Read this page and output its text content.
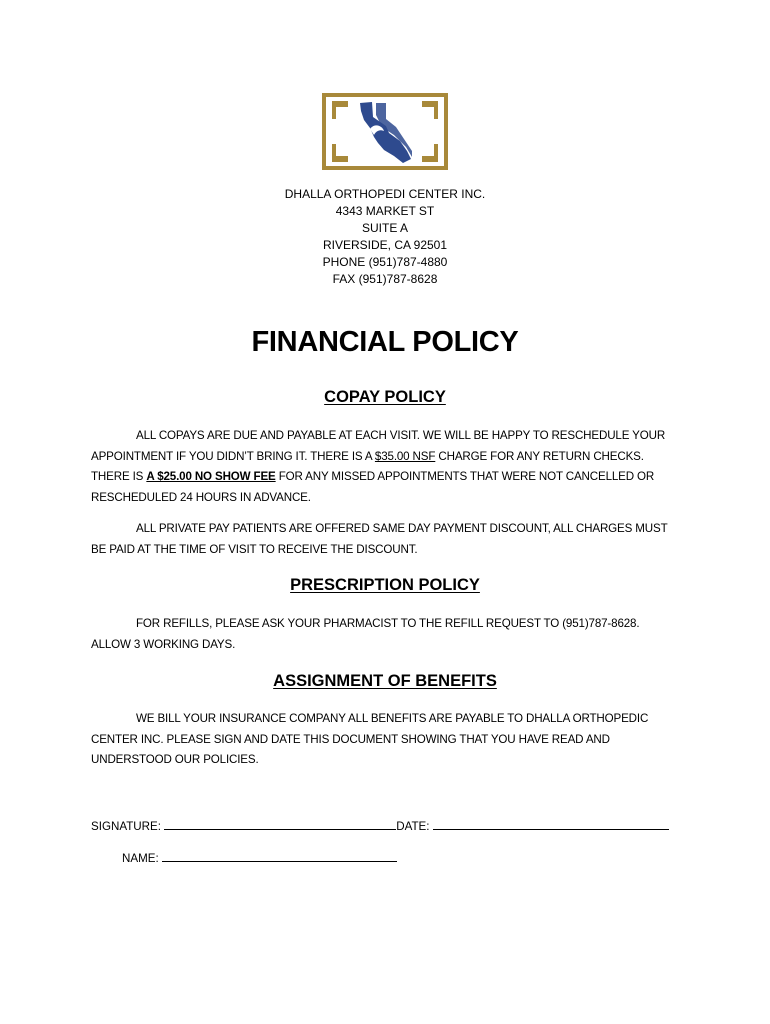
DHALLA ORTHOPEDI CENTER INC.
4343 MARKET ST
SUITE A
RIVERSIDE, CA 92501
PHONE (951)787-4880
FAX (951)787-8628
FINANCIAL POLICY
COPAY POLICY
ALL COPAYS ARE DUE AND PAYABLE AT EACH VISIT. WE WILL BE HAPPY TO RESCHEDULE YOUR APPOINTMENT IF YOU DIDN’T BRING IT. THERE IS A $35.00 NSF CHARGE FOR ANY RETURN CHECKS. THERE IS A $25.00 NO SHOW FEE FOR ANY MISSED APPOINTMENTS THAT WERE NOT CANCELLED OR RESCHEDULED 24 HOURS IN ADVANCE.
ALL PRIVATE PAY PATIENTS ARE OFFERED SAME DAY PAYMENT DISCOUNT, ALL CHARGES MUST BE PAID AT THE TIME OF VISIT TO RECEIVE THE DISCOUNT.
PRESCRIPTION POLICY
FOR REFILLS, PLEASE ASK YOUR PHARMACIST TO THE REFILL REQUEST TO (951)787-8628. ALLOW 3 WORKING DAYS.
ASSIGNMENT OF BENEFITS
WE BILL YOUR INSURANCE COMPANY ALL BENEFITS ARE PAYABLE TO DHALLA ORTHOPEDIC CENTER INC. PLEASE SIGN AND DATE THIS DOCUMENT SHOWING THAT YOU HAVE READ AND UNDERSTOOD OUR POLICIES.
SIGNATURE:	DATE:
NAME:
